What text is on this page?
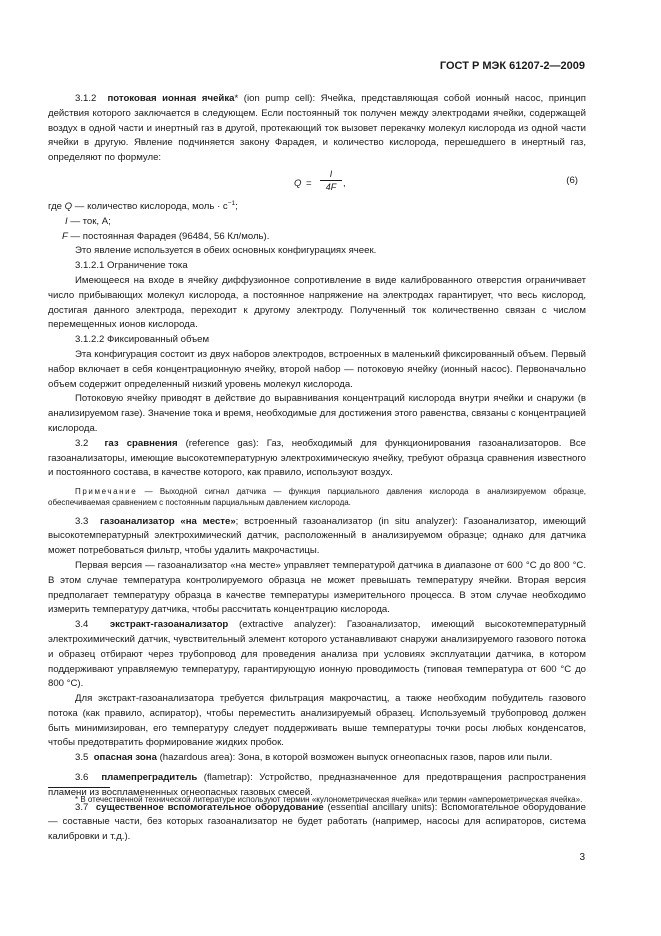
ГОСТ Р МЭК 61207-2—2009

3.1.2 потоковая ионная ячейка* (ion pump cell): Ячейка, представляющая собой ионный насос, принцип действия которого заключается в следующем. Если постоянный ток получен между электродами ячейки, содержащей воздух в одной части и инертный газ в другой, протекающий ток вызовет перекачку молекул кислорода из одной части ячейки в другую. Явление подчиняется закону Фарадея, и количество кислорода, перешедшего в инертный газ, определяют по формуле:

$Q = \frac{I}{4F}$ ,	(6)

где Q — количество кислорода, моль · $с^{-1}$;

I — ток, А;

F — постоянная Фарадея (96484, 56 Кл/моль).

Это явление используется в обеих основных конфигурациях ячеек.

3.1.2.1 Ограничение тока

Имеющееся на входе в ячейку диффузионное сопротивление в виде калиброванного отверстия ограничивает число прибывающих молекул кислорода, а постоянное напряжение на электродах гарантирует, что весь кислород, достигая данного электрода, переходит к другому электроду. Полученный ток количественно связан с числом перемещенных ионов кислорода.

3.1.2.2 Фиксированный объем

Эта конфигурация состоит из двух наборов электродов, встроенных в маленький фиксированный объем. Первый набор включает в себя концентрационную ячейку, второй набор — потоковую ячейку (ионный насос). Первоначально объем содержит определенный низкий уровень молекул кислорода.

Потоковую ячейку приводят в действие до выравнивания концентраций кислорода внутри ячейки и снаружи (в анализируемом газе). Значение тока и время, необходимые для достижения этого равенства, связаны с концентрацией кислорода.

3.2 газ сравнения (reference gas): Газ, необходимый для функционирования газоанализаторов. Все газоанализаторы, имеющие высокотемпературную электрохимическую ячейку, требуют образца сравнения известного и постоянного состава, в качестве которого, как правило, используют воздух.

Примечание — Выходной сигнал датчика — функция парциального давления кислорода в анализируемом образце, обеспечиваемая сравнением с постоянным парциальным давлением кислорода.

3.3 газоанализатор «на месте»; встроенный газоанализатор (in situ analyzer): Газоанализатор, имеющий высокотемпературный электрохимический датчик, расположенный в анализируемом образце; однако для датчика может потребоваться фильтр, чтобы удалить макрочастицы.

Первая версия — газоанализатор «на месте» управляет температурой датчика в диапазоне от 600 °С до 800 °С. В этом случае температура контролируемого образца не может превышать температуру ячейки. Вторая версия предполагает температуру образца в качестве температуры измерительного процесса. В этом случае необходимо измерить температуру датчика, чтобы рассчитать концентрацию кислорода.

3.4 экстракт-газоанализатор (extractive analyzer): Газоанализатор, имеющий высокотемпературный электрохимический датчик, чувствительный элемент которого устанавливают снаружи анализируемого газового потока и образец отбирают через трубопровод для проведения анализа при условиях эксплуатации датчика, в котором поддерживают управляемую температуру, гарантирующую ионную проводимость (типовая температура от 600 °С до 800 °С).

Для экстракт-газоанализатора требуется фильтрация макрочастиц, а также необходим побудитель газового потока (как правило, аспиратор), чтобы переместить анализируемый образец. Используемый трубопровод должен быть минимизирован, его температуру следует поддерживать выше температуры точки росы любых конденсатов, чтобы предотвратить формирование жидких пробок.

3.5 опасная зона (hazardous area): Зона, в которой возможен выпуск огнеопасных газов, паров или пыли.

3.6 пламепреградитель (flametrap): Устройство, предназначенное для предотвращения распространения пламени из воспламененных огнеопасных газовых смесей.

3.7 существенное вспомогательное оборудование (essential ancillary units): Вспомогательное оборудование — составные части, без которых газоанализатор не будет работать (например, насосы для аспираторов, система калибровки и т.д.).

* В отечественной технической литературе используют термин «кулонометрическая ячейка» или термин «амперометрическая ячейка».

3
